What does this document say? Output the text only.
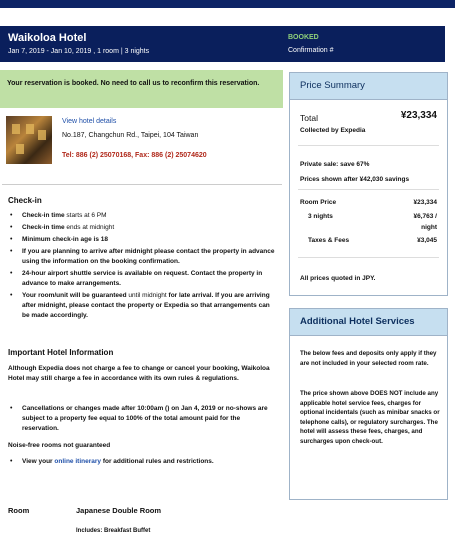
Waikoloa Hotel
Jan 7, 2019 - Jan 10, 2019 , 1 room | 3 nights
BOOKED
Confirmation #
Your reservation is booked. No need to call us to reconfirm this reservation.
View hotel details
No.187, Changchun Rd., Taipei, 104 Taiwan
Tel: 886 (2) 25070168, Fax: 886 (2) 25074620
Check-in
• Check-in time starts at 6 PM
• Check-in time ends at midnight
• Minimum check-in age is 18
• If you are planning to arrive after midnight please contact the property in advance using the information on the booking confirmation.
• 24-hour airport shuttle service is available on request. Contact the property in advance to make arrangements.
• Your room/unit will be guaranteed until midnight for late arrival. If you are arriving after midnight, please contact the property or Expedia so that arrangements can be made accordingly.
Important Hotel Information
Although Expedia does not charge a fee to change or cancel your booking, Waikoloa Hotel may still charge a fee in accordance with its own rules & regulations.
• Cancellations or changes made after 10:00am () on Jan 4, 2019 or no-shows are subject to a property fee equal to 100% of the total amount paid for the reservation.
Noise-free rooms not guaranteed
• View your online itinerary for additional rules and restrictions.
Room	Japanese Double Room
Includes: Breakfast Buffet
Price Summary
Total	¥23,334
Collected by Expedia
Private sale: save 67%
Prices shown after ¥42,030 savings
Room Price	¥23,334
3 nights	¥6,763 /
night
Taxes & Fees	¥3,045
All prices quoted in JPY.
Additional Hotel Services
The below fees and deposits only apply if they are not included in your selected room rate.
The price shown above DOES NOT include any applicable hotel service fees, charges for optional incidentals (such as minibar snacks or telephone calls), or regulatory surcharges. The hotel will assess these fees, charges, and surcharges upon check-out.
